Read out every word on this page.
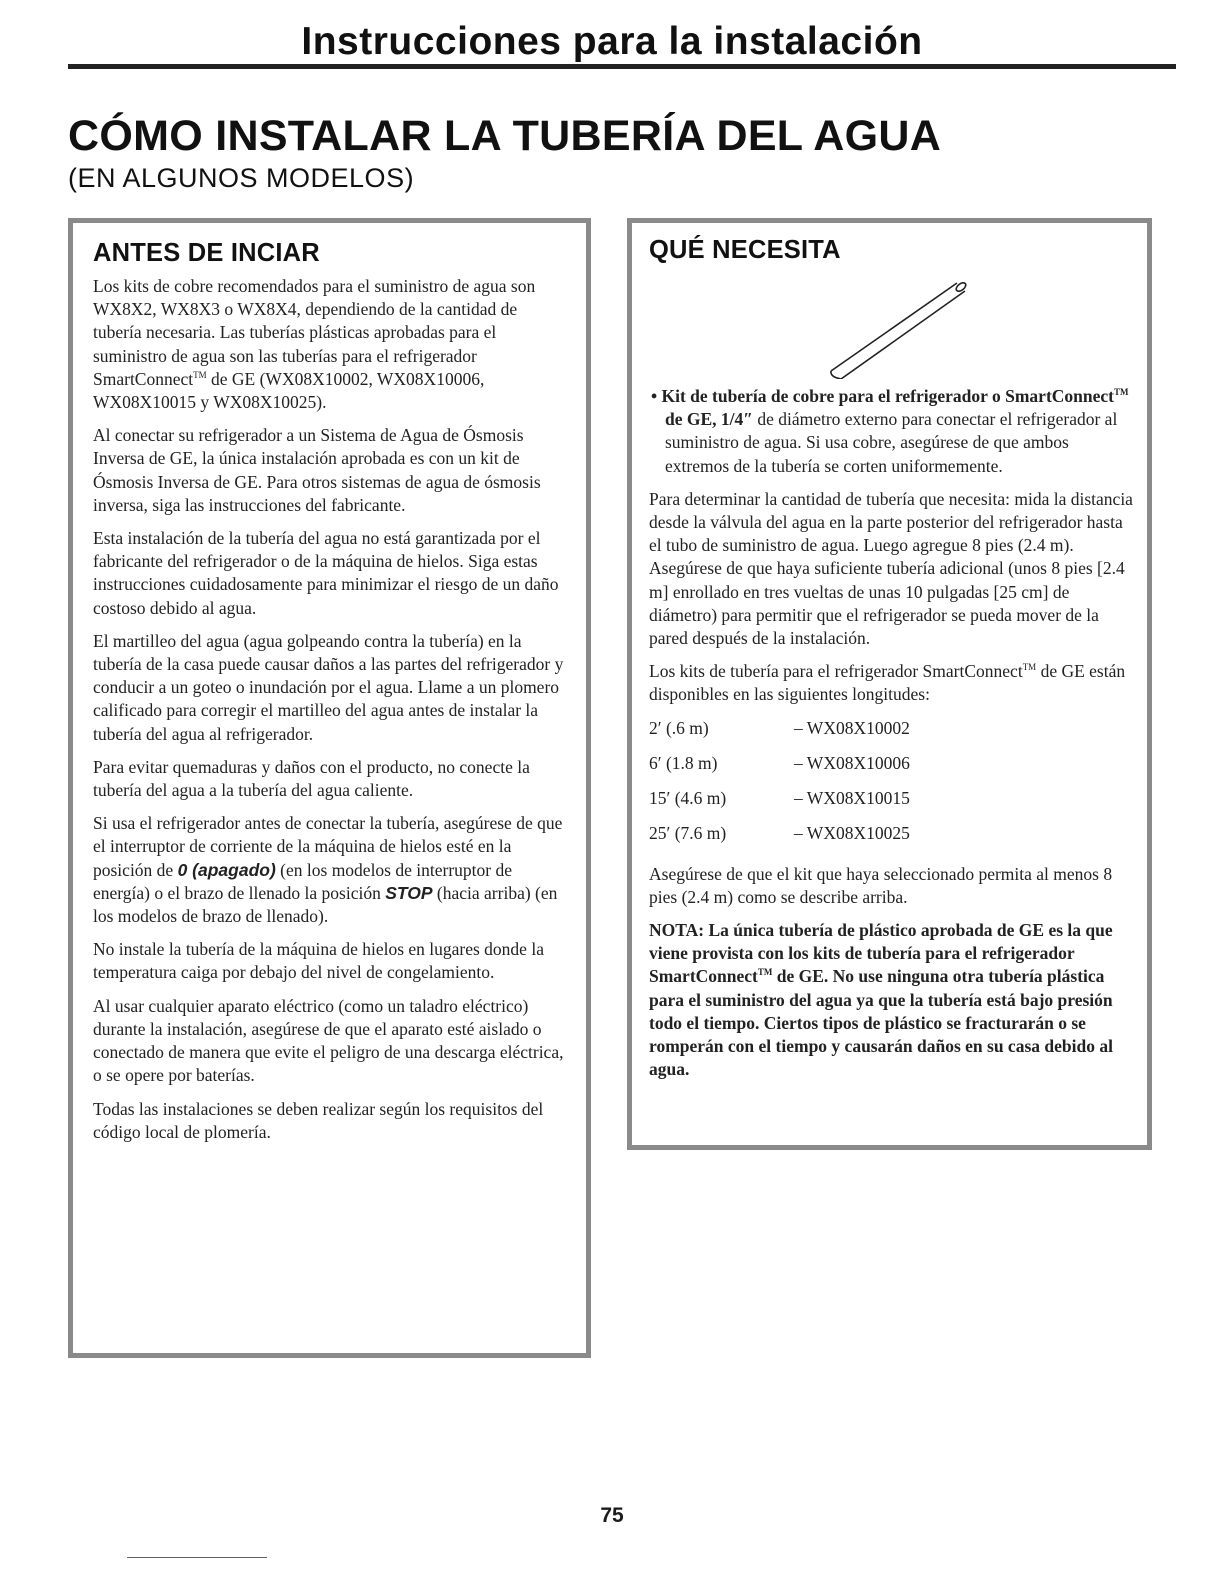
Instrucciones para la instalación
CÓMO INSTALAR LA TUBERÍA DEL AGUA
(EN ALGUNOS MODELOS)
ANTES DE INCIAR

Los kits de cobre recomendados para el suministro de agua son WX8X2, WX8X3 o WX8X4, dependiendo de la cantidad de tubería necesaria. Las tuberías plásticas aprobadas para el suministro de agua son las tuberías para el refrigerador SmartConnect™ de GE (WX08X10002, WX08X10006, WX08X10015 y WX08X10025).

Al conectar su refrigerador a un Sistema de Agua de Ósmosis Inversa de GE, la única instalación aprobada es con un kit de Ósmosis Inversa de GE. Para otros sistemas de agua de ósmosis inversa, siga las instrucciones del fabricante.

Esta instalación de la tubería del agua no está garantizada por el fabricante del refrigerador o de la máquina de hielos. Siga estas instrucciones cuidadosamente para minimizar el riesgo de un daño costoso debido al agua.

El martilleo del agua (agua golpeando contra la tubería) en la tubería de la casa puede causar daños a las partes del refrigerador y conducir a un goteo o inundación por el agua. Llame a un plomero calificado para corregir el martilleo del agua antes de instalar la tubería del agua al refrigerador.

Para evitar quemaduras y daños con el producto, no conecte la tubería del agua a la tubería del agua caliente.

Si usa el refrigerador antes de conectar la tubería, asegúrese de que el interruptor de corriente de la máquina de hielos esté en la posición de 0 (apagado) (en los modelos de interruptor de energía) o el brazo de llenado la posición STOP (hacia arriba) (en los modelos de brazo de llenado).

No instale la tubería de la máquina de hielos en lugares donde la temperatura caiga por debajo del nivel de congelamiento.

Al usar cualquier aparato eléctrico (como un taladro eléctrico) durante la instalación, asegúrese de que el aparato esté aislado o conectado de manera que evite el peligro de una descarga eléctrica, o se opere por baterías.

Todas las instalaciones se deben realizar según los requisitos del código local de plomería.

QUÉ NECESITA

• Kit de tubería de cobre para el refrigerador o SmartConnect™ de GE, 1/4″ de diámetro externo para conectar el refrigerador al suministro de agua. Si usa cobre, asegúrese de que ambos extremos de la tubería se corten uniformemente.

Para determinar la cantidad de tubería que necesita: mida la distancia desde la válvula del agua en la parte posterior del refrigerador hasta el tubo de suministro de agua. Luego agregue 8 pies (2.4 m). Asegúrese de que haya suficiente tubería adicional (unos 8 pies [2.4 m] enrollado en tres vueltas de unas 10 pulgadas [25 cm] de diámetro) para permitir que el refrigerador se pueda mover de la pared después de la instalación.

Los kits de tubería para el refrigerador SmartConnect™ de GE están disponibles en las siguientes longitudes:

2′ (.6 m)	– WX08X10002
6′ (1.8 m)	– WX08X10006
15′ (4.6 m)	– WX08X10015
25′ (7.6 m)	– WX08X10025

Asegúrese de que el kit que haya seleccionado permita al menos 8 pies (2.4 m) como se describe arriba.

NOTA: La única tubería de plástico aprobada de GE es la que viene provista con los kits de tubería para el refrigerador SmartConnect™ de GE. No use ninguna otra tubería plástica para el suministro del agua ya que la tubería está bajo presión todo el tiempo. Ciertos tipos de plástico se fracturarán o se romperán con el tiempo y causarán daños en su casa debido al agua.

75
